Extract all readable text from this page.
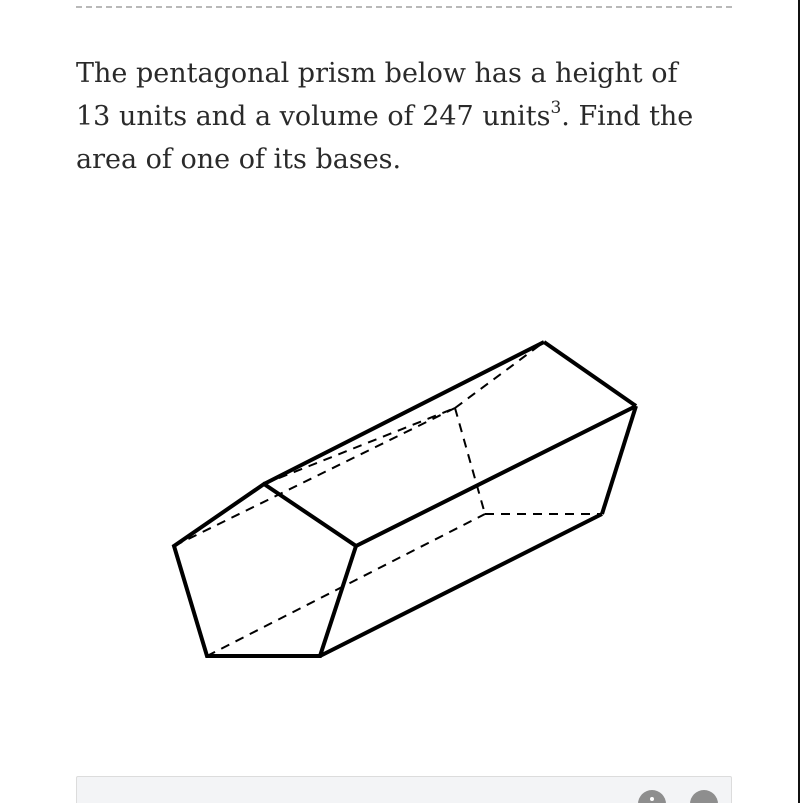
The pentagonal prism below has a height of 13 units and a volume of 247 units$^3$. Find the area of one of its bases.
